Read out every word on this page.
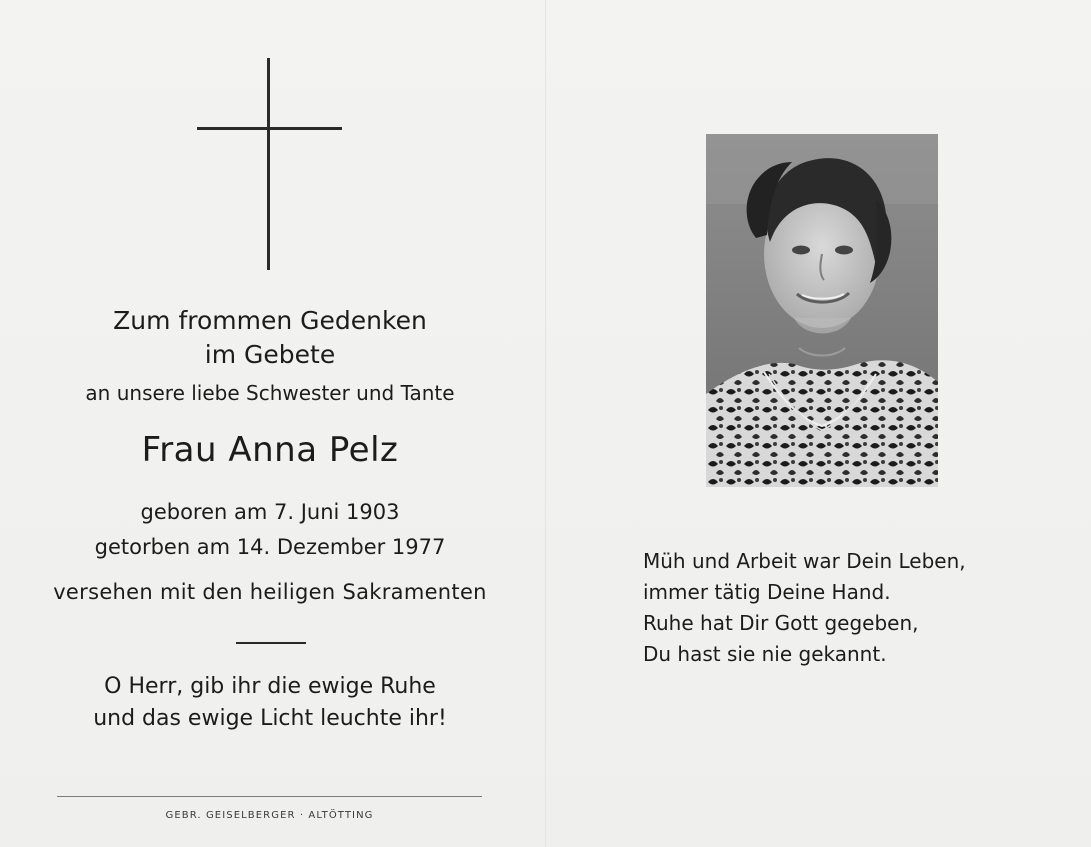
Zum frommen Gedenken
im Gebete
an unsere liebe Schwester und Tante
Frau Anna Pelz
geboren am 7. Juni 1903
getorben am 14. Dezember 1977
versehen mit den heiligen Sakramenten
O Herr, gib ihr die ewige Ruhe
und das ewige Licht leuchte ihr!
GEBR. GEISELBERGER · ALTÖTTING
Müh und Arbeit war Dein Leben,
immer tätig Deine Hand.
Ruhe hat Dir Gott gegeben,
Du hast sie nie gekannt.
